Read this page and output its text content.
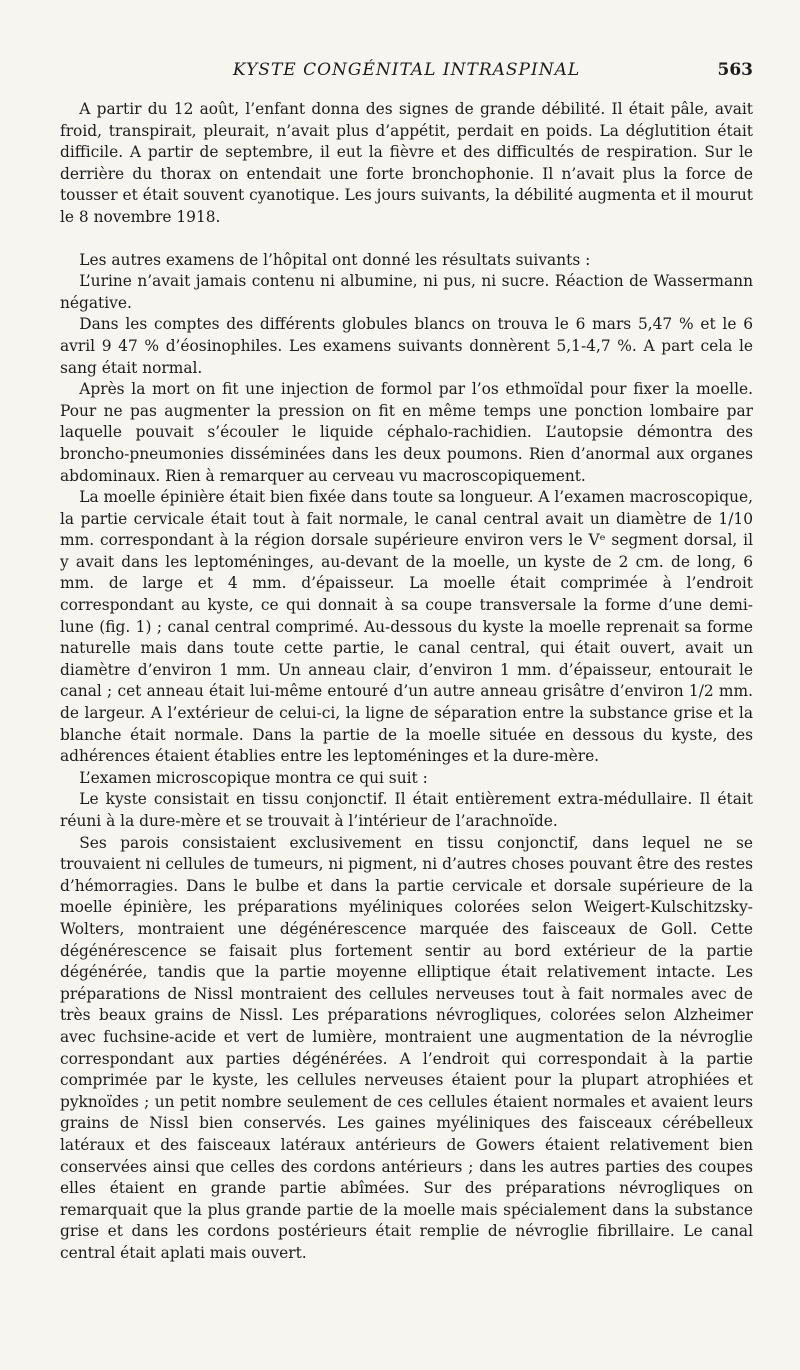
KYSTE CONGÉNITAL INTRASPINAL	563

A partir du 12 août, l’enfant donna des signes de grande débilité. Il était pâle, avait froid, transpirait, pleurait, n’avait plus d’appétit, perdait en poids. La déglutition était difficile. A partir de septembre, il eut la fièvre et des difficultés de respiration. Sur le derrière du thorax on entendait une forte bronchophonie. Il n’avait plus la force de tousser et était souvent cyanotique. Les jours suivants, la débilité augmenta et il mourut le 8 novembre 1918.

Les autres examens de l’hôpital ont donné les résultats suivants :

L’urine n’avait jamais contenu ni albumine, ni pus, ni sucre. Réaction de Wassermann négative.

Dans les comptes des différents globules blancs on trouva le 6 mars 5,47 % et le 6 avril 9 47 % d’éosinophiles. Les examens suivants donnèrent 5,1-4,7 %. A part cela le sang était normal.

Après la mort on fit une injection de formol par l’os ethmoïdal pour fixer la moelle. Pour ne pas augmenter la pression on fit en même temps une ponction lombaire par laquelle pouvait s’écouler le liquide céphalo-rachidien. L’autopsie démontra des broncho-pneumonies disséminées dans les deux poumons. Rien d’anormal aux organes abdominaux. Rien à remarquer au cerveau vu macroscopiquement.

La moelle épinière était bien fixée dans toute sa longueur. A l’examen macroscopique, la partie cervicale était tout à fait normale, le canal central avait un diamètre de 1/10 mm. correspondant à la région dorsale supérieure environ vers le Vᵉ segment dorsal, il y avait dans les leptoméninges, au-devant de la moelle, un kyste de 2 cm. de long, 6 mm. de large et 4 mm. d’épaisseur. La moelle était comprimée à l’endroit correspondant au kyste, ce qui donnait à sa coupe transversale la forme d’une demi-lune (fig. 1) ; canal central comprimé. Au-dessous du kyste la moelle reprenait sa forme naturelle mais dans toute cette partie, le canal central, qui était ouvert, avait un diamètre d’environ 1 mm. Un anneau clair, d’environ 1 mm. d’épaisseur, entourait le canal ; cet anneau était lui-même entouré d’un autre anneau grisâtre d’environ 1/2 mm. de largeur. A l’extérieur de celui-ci, la ligne de séparation entre la substance grise et la blanche était normale. Dans la partie de la moelle située en dessous du kyste, des adhérences étaient établies entre les leptoméninges et la dure-mère.

L’examen microscopique montra ce qui suit :

Le kyste consistait en tissu conjonctif. Il était entièrement extra-médullaire. Il était réuni à la dure-mère et se trouvait à l’intérieur de l’arachnoïde.

Ses parois consistaient exclusivement en tissu conjonctif, dans lequel ne se trouvaient ni cellules de tumeurs, ni pigment, ni d’autres choses pouvant être des restes d’hémorragies. Dans le bulbe et dans la partie cervicale et dorsale supérieure de la moelle épinière, les préparations myéliniques colorées selon Weigert-Kulschitzsky-Wolters, montraient une dégénérescence marquée des faisceaux de Goll. Cette dégénérescence se faisait plus fortement sentir au bord extérieur de la partie dégénérée, tandis que la partie moyenne elliptique était relativement intacte. Les préparations de Nissl montraient des cellules nerveuses tout à fait normales avec de très beaux grains de Nissl. Les préparations névrogliques, colorées selon Alzheimer avec fuchsine-acide et vert de lumière, montraient une augmentation de la névroglie correspondant aux parties dégénérées. A l’endroit qui correspondait à la partie comprimée par le kyste, les cellules nerveuses étaient pour la plupart atrophiées et pyknoïdes ; un petit nombre seulement de ces cellules étaient normales et avaient leurs grains de Nissl bien conservés. Les gaines myéliniques des faisceaux cérébelleux latéraux et des faisceaux latéraux antérieurs de Gowers étaient relativement bien conservées ainsi que celles des cordons antérieurs ; dans les autres parties des coupes elles étaient en grande partie abîmées. Sur des préparations névrogliques on remarquait que la plus grande partie de la moelle mais spécialement dans la substance grise et dans les cordons postérieurs était remplie de névroglie fibrillaire. Le canal central était aplati mais ouvert.
